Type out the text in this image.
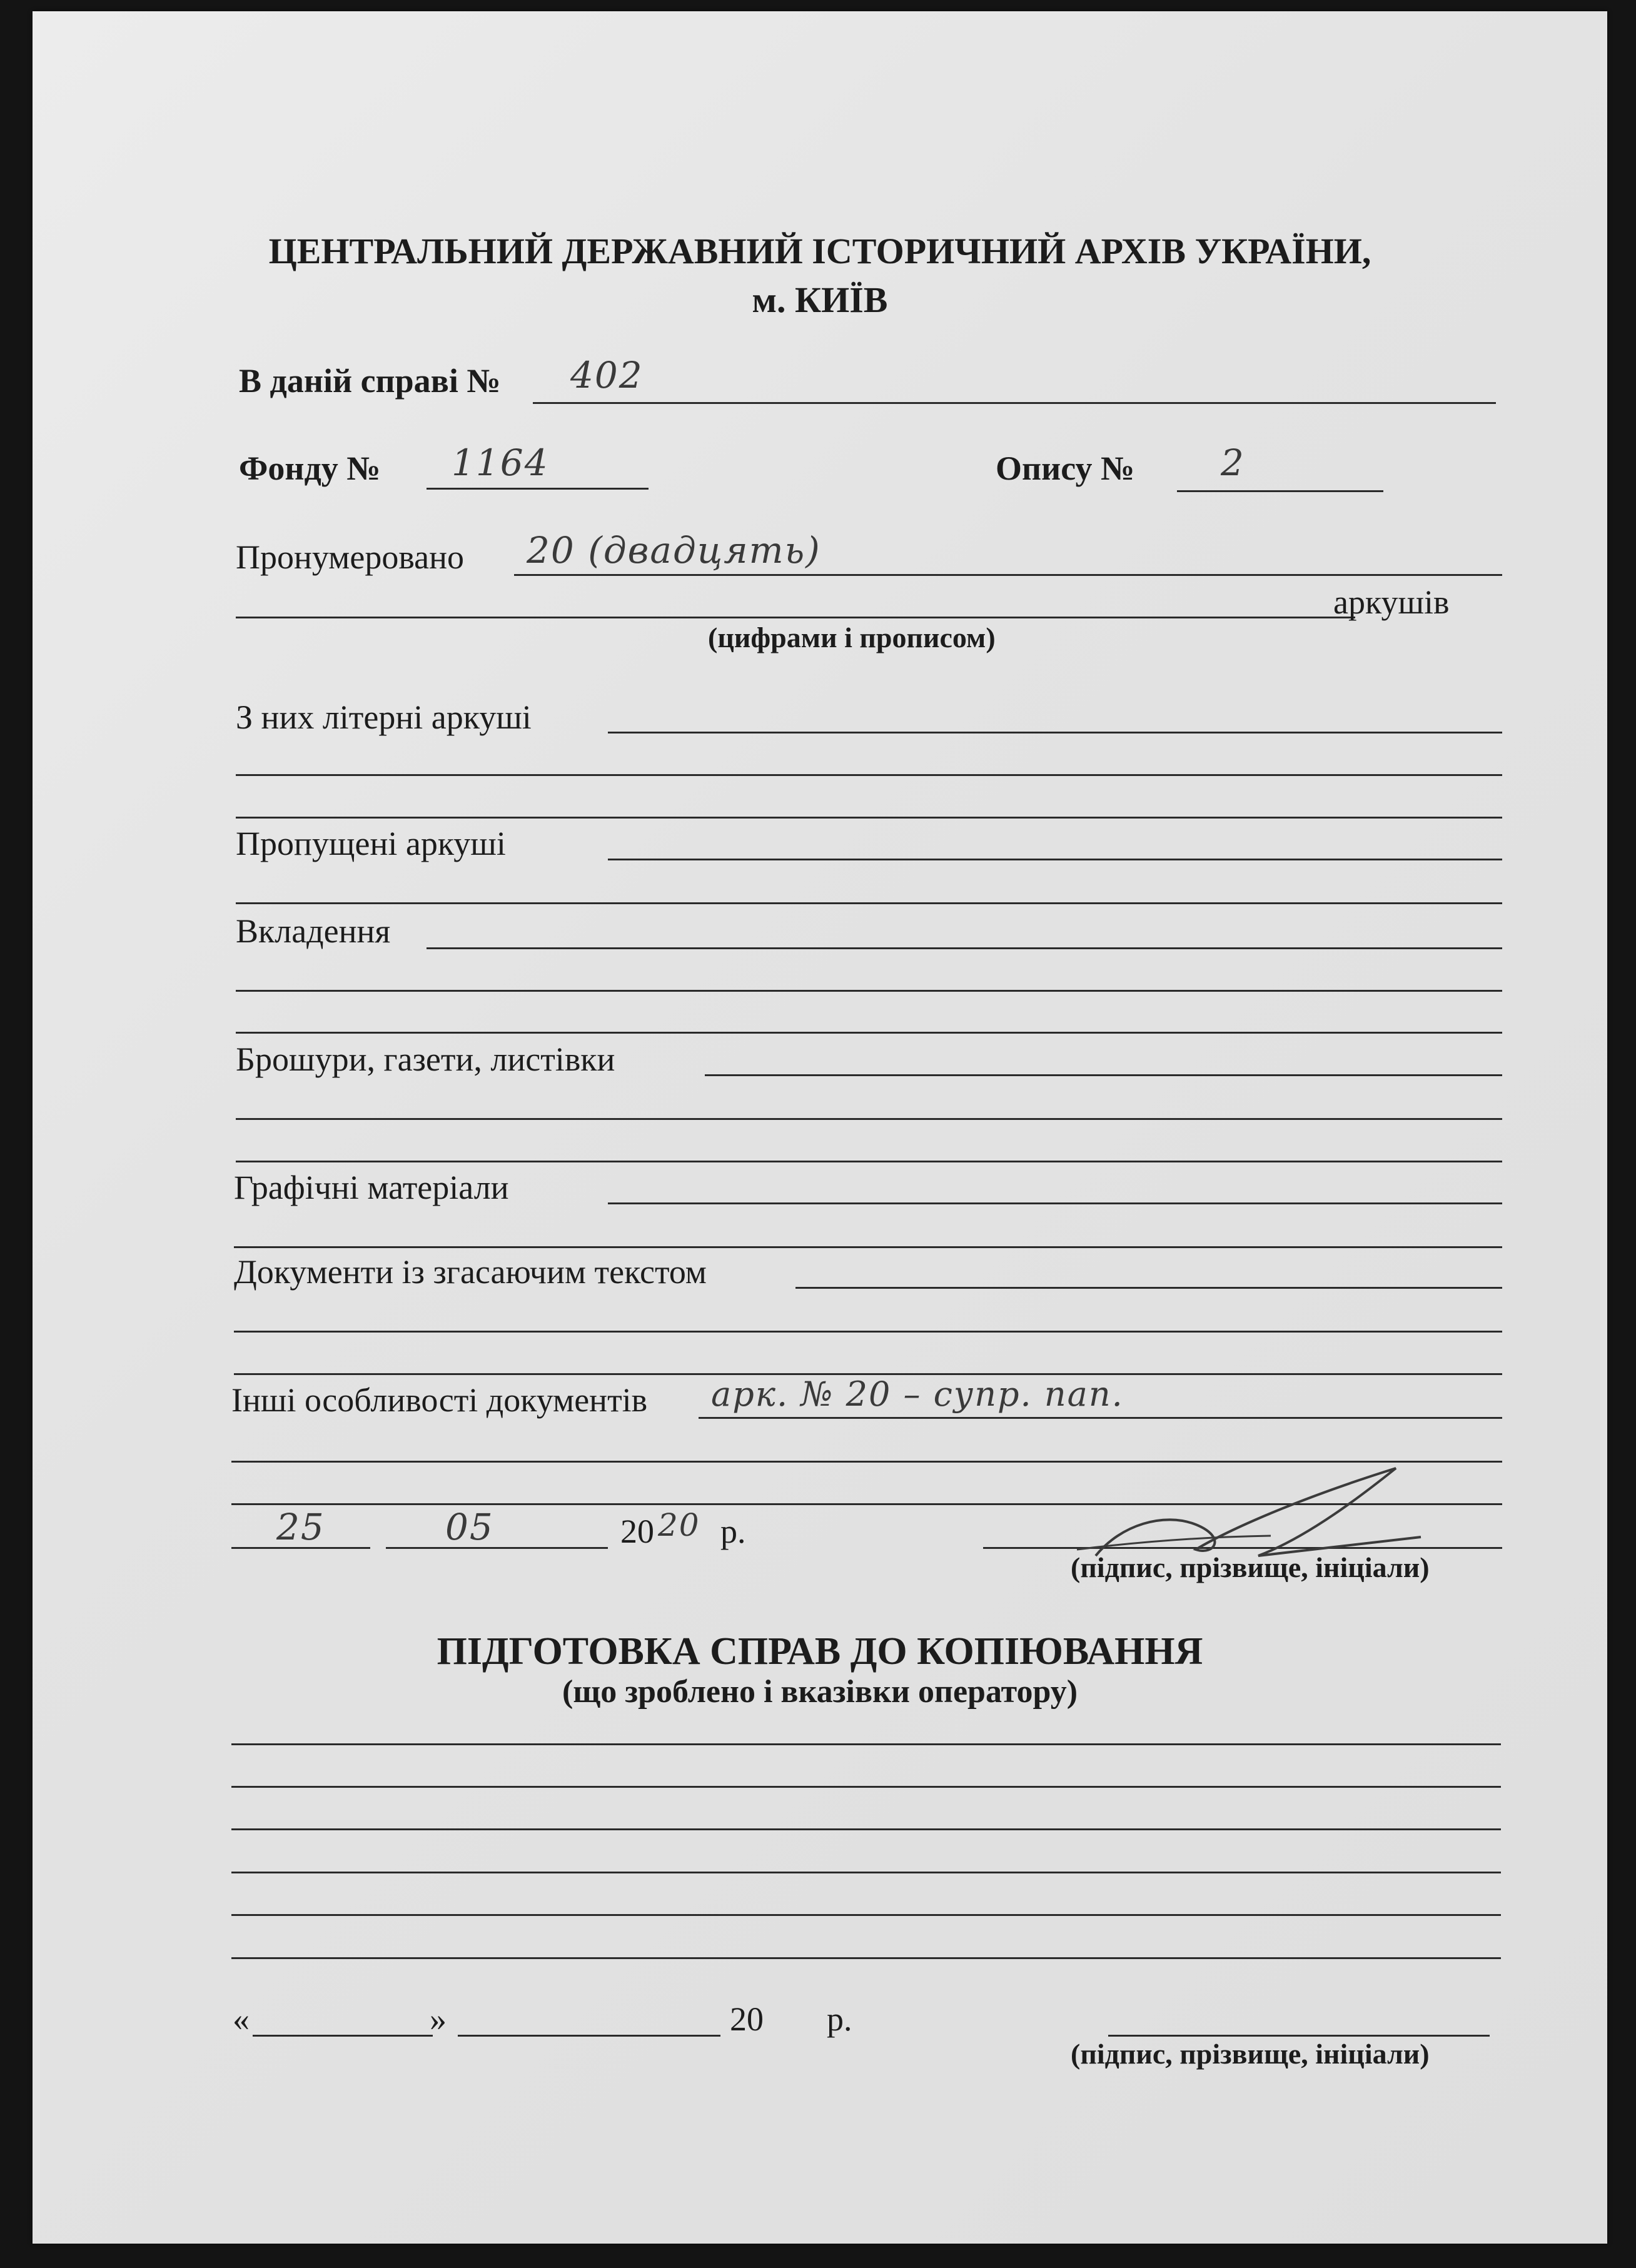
ЦЕНТРАЛЬНИЙ ДЕРЖАВНИЙ ІСТОРИЧНИЙ АРХІВ УКРАЇНИ,
м. КИЇВ
В даній справі № 402
Фонду № 1164	Опису № 2
Пронумеровано 20 (двадцять)
аркушів
(цифрами і прописом)
З них літерні аркуші
Пропущені аркуші
Вкладення
Брошури, газети, листівки
Графічні матеріали
Документи із згасаючим текстом
Інші особливості документів арк. № 20 – супр. пап.
25	05	20 20 р.
(підпис, прізвище, ініціали)
ПІДГОТОВКА СПРАВ ДО КОПІЮВАННЯ
(що зроблено і вказівки оператору)
«	»	20 р.
(підпис, прізвище, ініціали)
